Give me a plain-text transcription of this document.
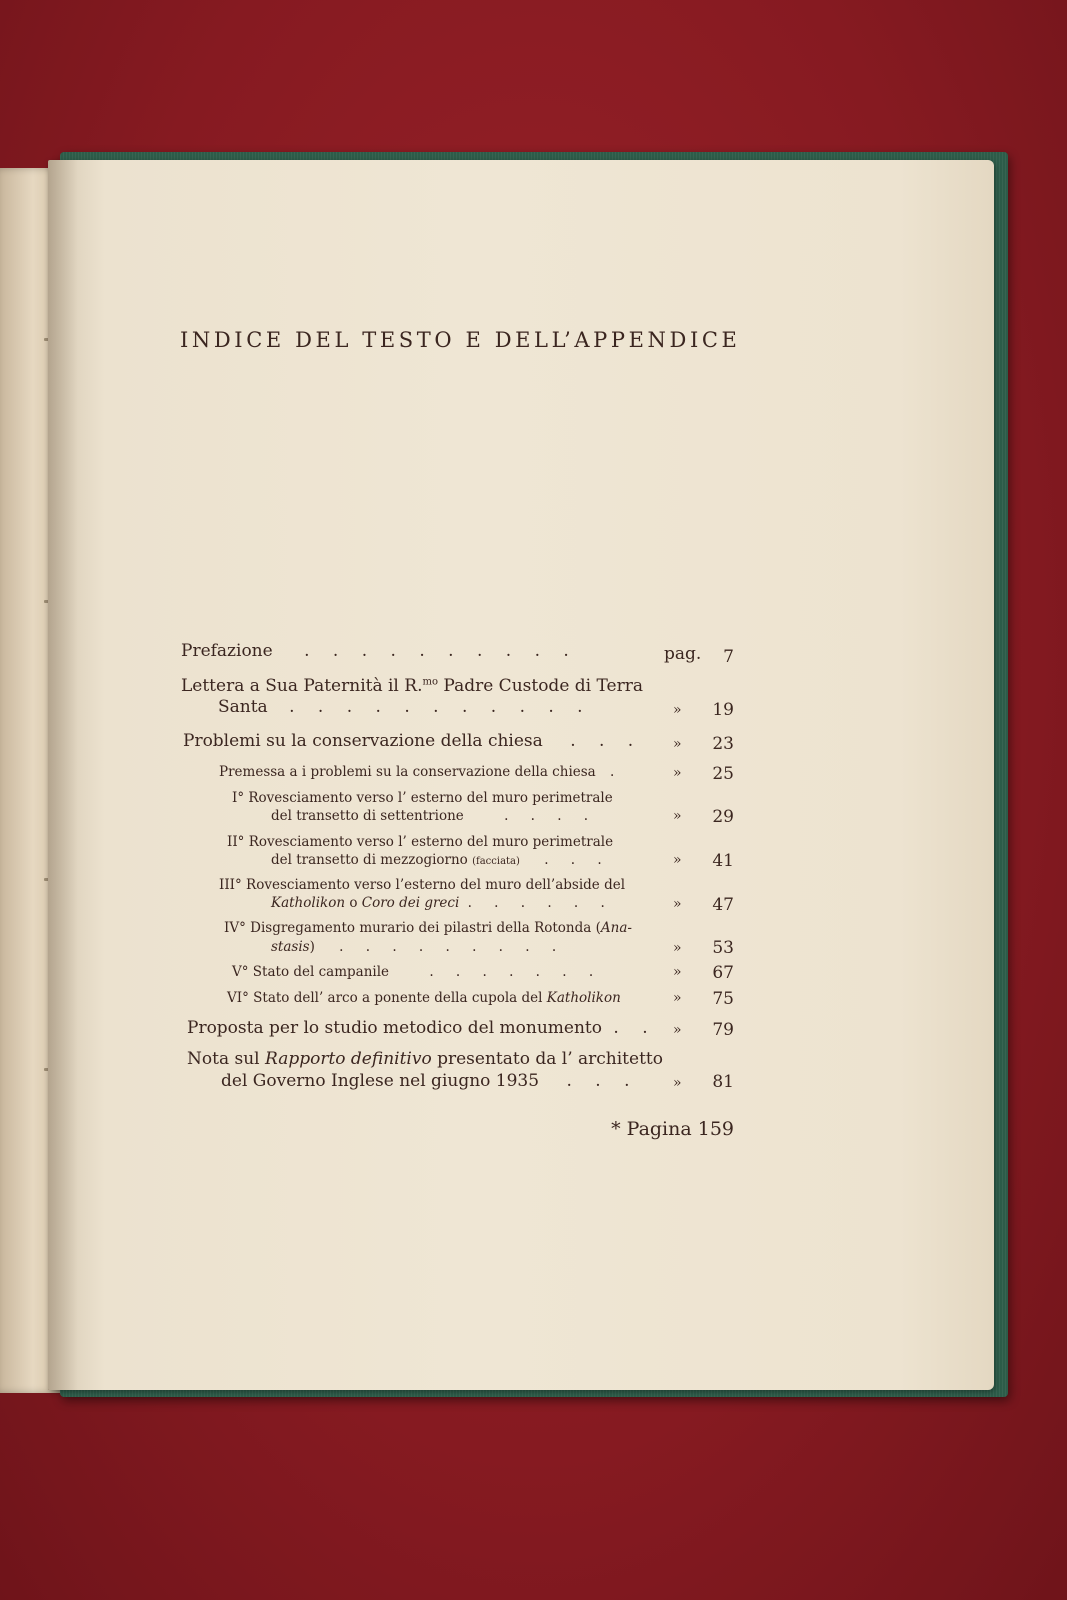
INDICE DEL TESTO E DELL’APPENDICE
Prefazione . . . . . . . . . .	pag.	7
Lettera a Sua Paternità il R.$^{mo}$ Padre Custode di Terra
Santa . . . . . . . . . . .	»	19
Problemi su la conservazione della chiesa . . . »	23
Premessa a i problemi su la conservazione della chiesa .	»	25
I° Rovesciamento verso l’ esterno del muro perimetrale
del transetto di settentrione	. . . .	»	29
II° Rovesciamento verso l’ esterno del muro perimetrale
del transetto di mezzogiorno (facciata) . . .	»	41
III° Rovesciamento verso l’esterno del muro dell’abside del
Katholikon o Coro dei greci . . . . . .	»	47
IV° Disgregamento murario dei pilastri della Rotonda (Ana-
stasis) . . . . . . . . .	»	53
V° Stato del campanile	. . . . . . .	»	67
VI° Stato dell’ arco a ponente della cupola del Katholikon	»	75
Proposta per lo studio metodico del monumento . . »	79
Nota sul Rapporto definitivo presentato da l’ architetto
del Governo Inglese nel giugno 1935 . . . »	81
* Pagina 159
